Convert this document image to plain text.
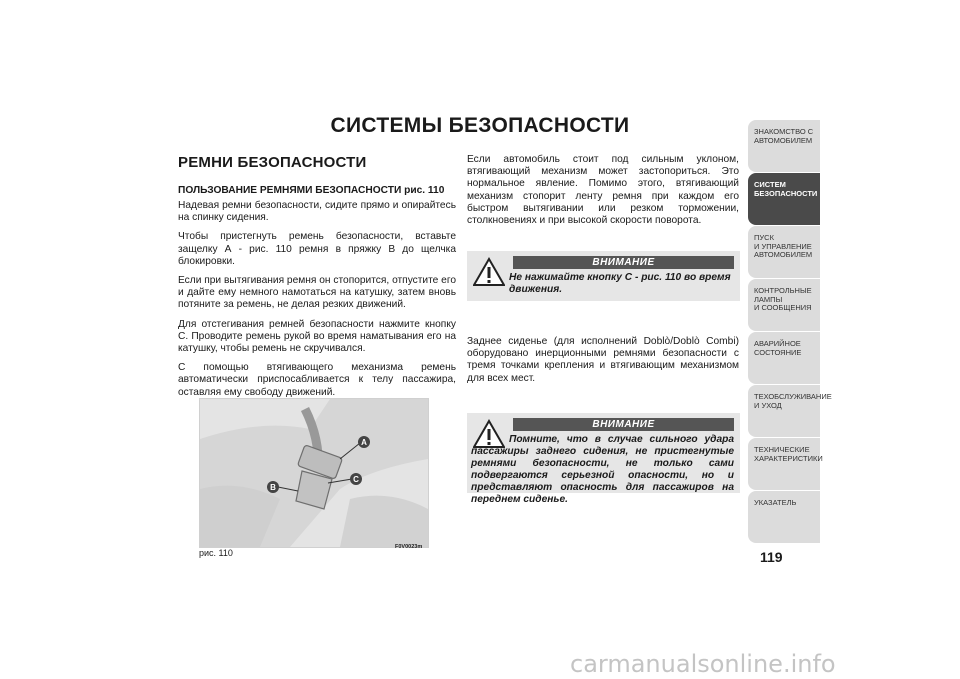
СИСТЕМЫ БЕЗОПАСНОСТИ
РЕМНИ БЕЗОПАСНОСТИ
ПОЛЬЗОВАНИЕ РЕМНЯМИ БЕЗОПАСНОСТИ рис. 110
Надевая ремни безопасности, сидите прямо и опирайтесь на спинку сидения.
Чтобы пристегнуть ремень безопасности, вставьте защелку А - рис. 110 ремня в пряжку В до щелчка блокировки.
Если при вытягивания ремня он стопорится, отпустите его и дайте ему немного намотаться на катушку, затем вновь потяните за ремень, не делая резких движений.
Для отстегивания ремней безопасности нажмите кнопку С. Проводите ремень рукой во время наматывания его на катушку, чтобы ремень не скручивался.
С помощью втягивающего механизма ремень автоматически приспосабливается к телу пассажира, оставляя ему свободу движений.
A
C
B
рис. 110
F0V0023m
Если автомобиль стоит под сильным уклоном, втягивающий механизм может застопориться. Это нормальное явление. Помимо этого, втягивающий механизм стопорит ленту ремня при каждом его быстром вытягивании или резком торможении, столкновениях и при высокой скорости поворота.
ВНИМАНИЕ
Не нажимайте кнопку С - рис. 110 во время движения.
Заднее сиденье (для исполнений Doblò/Doblò Combi) оборудовано инерционными ремнями безопасности с тремя точками крепления и втягивающим механизмом для всех мест.
ВНИМАНИЕ
Помните, что в случае сильного удара пассажиры заднего сидения, не пристегнутые ремнями безопасности, не только сами подвергаются серьезной опасности, но и представляют опасность для пассажиров на переднем сиденье.
ЗНАКОМСТВО С
АВТОМОБИЛЕМ
СИСТЕМ
БЕЗОПАСНОСТИ
ПУСК
И УПРАВЛЕНИЕ
АВТОМОБИЛЕМ
КОНТРОЛЬНЫЕ
ЛАМПЫ
И СООБЩЕНИЯ
АВАРИЙНОЕ
СОСТОЯНИЕ
ТЕХОБСЛУЖИВАНИЕ
И УХОД
ТЕХНИЧЕСКИЕ
ХАРАКТЕРИСТИКИ
УКАЗАТЕЛЬ
119
carmanualsonline.info
